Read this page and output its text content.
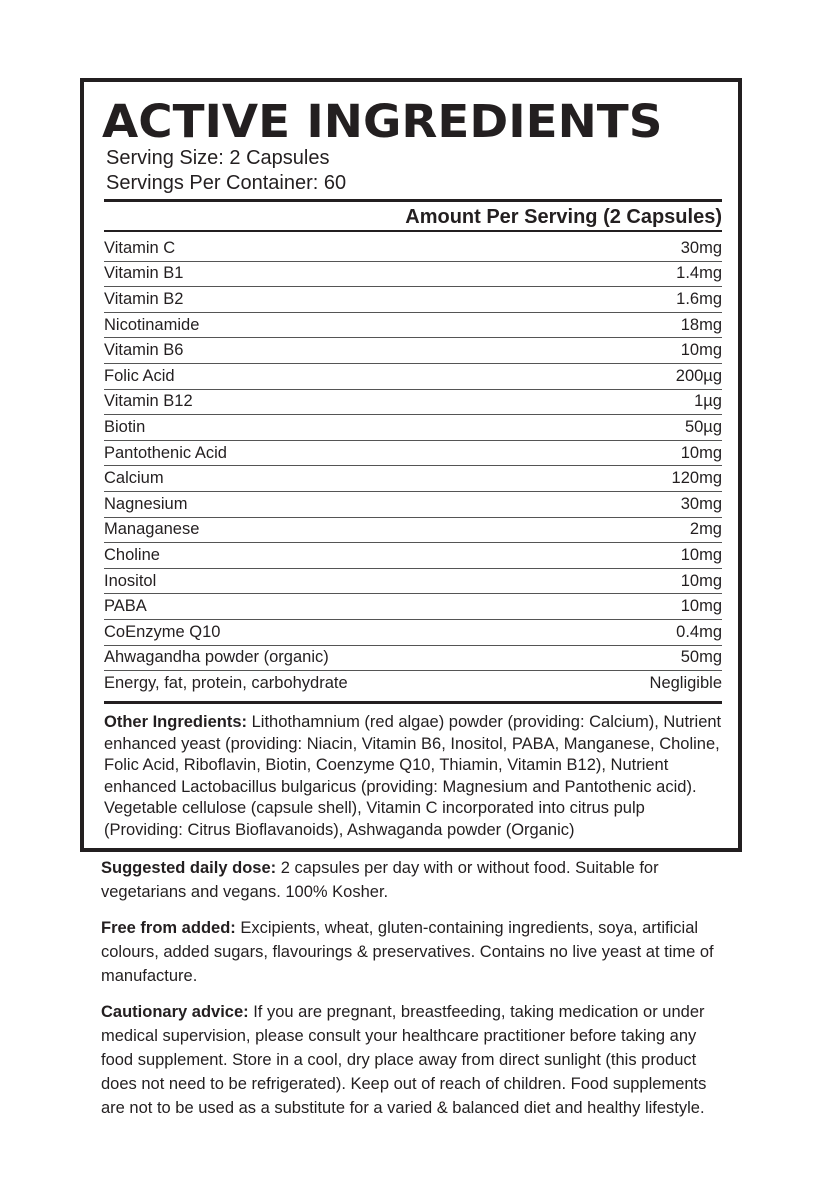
ACTIVE INGREDIENTS
Serving Size: 2 Capsules
Servings Per Container: 60
Amount Per Serving (2 Capsules)
Vitamin C	30mg
Vitamin B1	1.4mg
Vitamin B2	1.6mg
Nicotinamide	18mg
Vitamin B6	10mg
Folic Acid	200µg
Vitamin B12	1µg
Biotin	50µg
Pantothenic Acid	10mg
Calcium	120mg
Nagnesium	30mg
Managanese	2mg
Choline	10mg
Inositol	10mg
PABA	10mg
CoEnzyme Q10	0.4mg
Ahwagandha powder (organic)	50mg
Energy, fat, protein, carbohydrate	Negligible
Other Ingredients: Lithothamnium (red algae) powder (providing: Calcium), Nutrient enhanced yeast (providing: Niacin, Vitamin B6, Inositol, PABA, Manganese, Choline, Folic Acid, Riboflavin, Biotin, Coenzyme Q10, Thiamin, Vitamin B12), Nutrient enhanced Lactobacillus bulgaricus (providing: Magnesium and Pantothenic acid). Vegetable cellulose (capsule shell), Vitamin C incorporated into citrus pulp (Providing: Citrus Bioflavanoids), Ashwaganda powder (Organic)

Suggested daily dose: 2 capsules per day with or without food. Suitable for vegetarians and vegans. 100% Kosher.

Free from added: Excipients, wheat, gluten-containing ingredients, soya, artificial colours, added sugars, flavourings & preservatives. Contains no live yeast at time of manufacture.

Cautionary advice: If you are pregnant, breastfeeding, taking medication or under medical supervision, please consult your healthcare practitioner before taking any food supplement. Store in a cool, dry place away from direct sunlight (this product does not need to be refrigerated). Keep out of reach of children. Food supplements are not to be used as a substitute for a varied & balanced diet and healthy lifestyle.
